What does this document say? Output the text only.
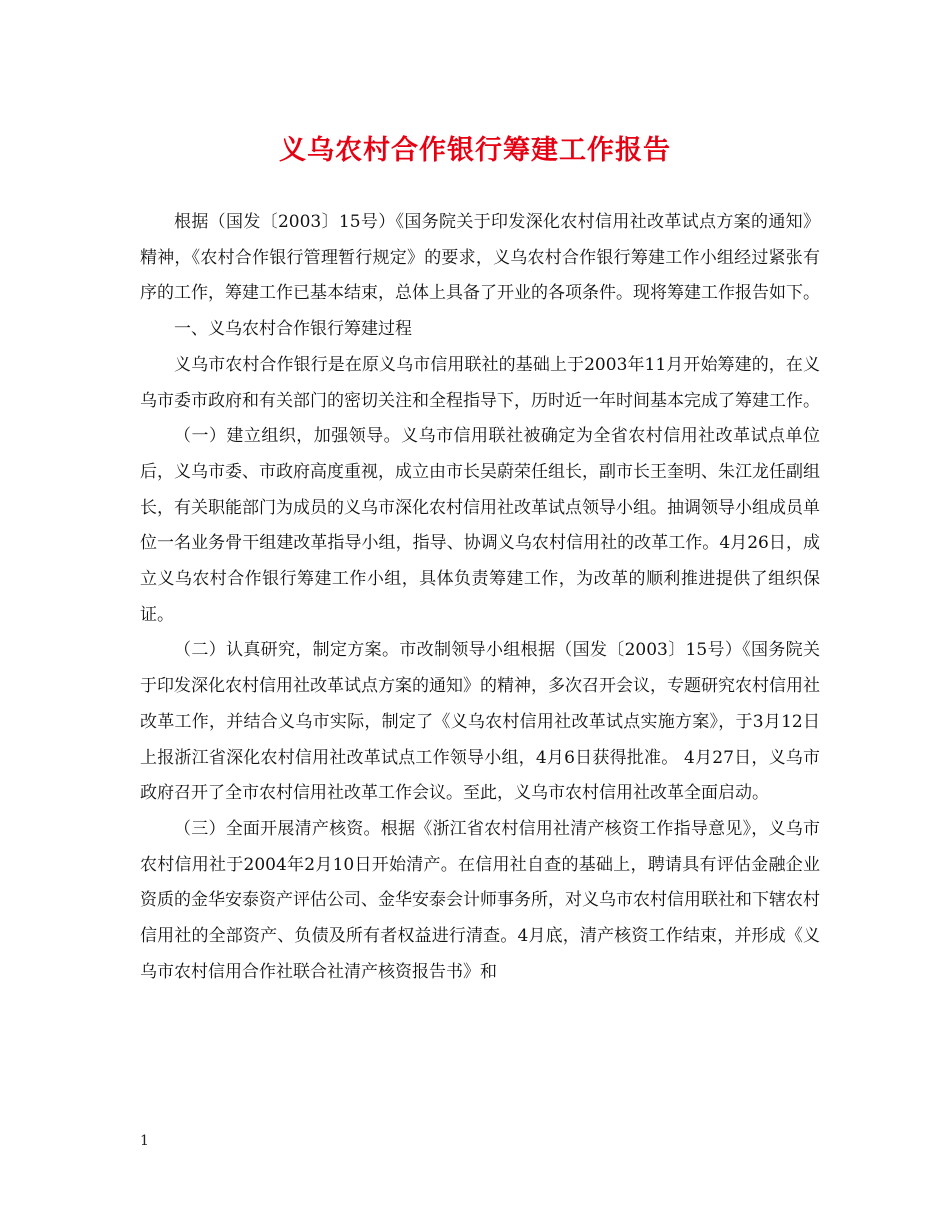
义乌农村合作银行筹建工作报告

根据（国发〔2003〕15号）《国务院关于印发深化农村信用社改革试点方案的通知》精神，《农村合作银行管理暂行规定》的要求，义乌农村合作银行筹建工作小组经过紧张有序的工作，筹建工作已基本结束，总体上具备了开业的各项条件。现将筹建工作报告如下。

一、义乌农村合作银行筹建过程

义乌市农村合作银行是在原义乌市信用联社的基础上于2003年11月开始筹建的，在义乌市委市政府和有关部门的密切关注和全程指导下，历时近一年时间基本完成了筹建工作。

（一）建立组织，加强领导。义乌市信用联社被确定为全省农村信用社改革试点单位后，义乌市委、市政府高度重视，成立由市长吴蔚荣任组长，副市长王奎明、朱江龙任副组长，有关职能部门为成员的义乌市深化农村信用社改革试点领导小组。抽调领导小组成员单位一名业务骨干组建改革指导小组，指导、协调义乌农村信用社的改革工作。4月26日，成立义乌农村合作银行筹建工作小组，具体负责筹建工作，为改革的顺利推进提供了组织保证。

（二）认真研究，制定方案。市改制领导小组根据（国发〔2003〕15号）《国务院关于印发深化农村信用社改革试点方案的通知》的精神，多次召开会议，专题研究农村信用社改革工作，并结合义乌市实际，制定了《义乌农村信用社改革试点实施方案》，于3月12日上报浙江省深化农村信用社改革试点工作领导小组，4月6日获得批准。 4月27日，义乌市政府召开了全市农村信用社改革工作会议。至此，义乌市农村信用社改革全面启动。

（三）全面开展清产核资。根据《浙江省农村信用社清产核资工作指导意见》，义乌市农村信用社于2004年2月10日开始清产。在信用社自查的基础上，聘请具有评估金融企业资质的金华安泰资产评估公司、金华安泰会计师事务所，对义乌市农村信用联社和下辖农村信用社的全部资产、负债及所有者权益进行清查。4月底，清产核资工作结束，并形成《义乌市农村信用合作社联合社清产核资报告书》和

1
